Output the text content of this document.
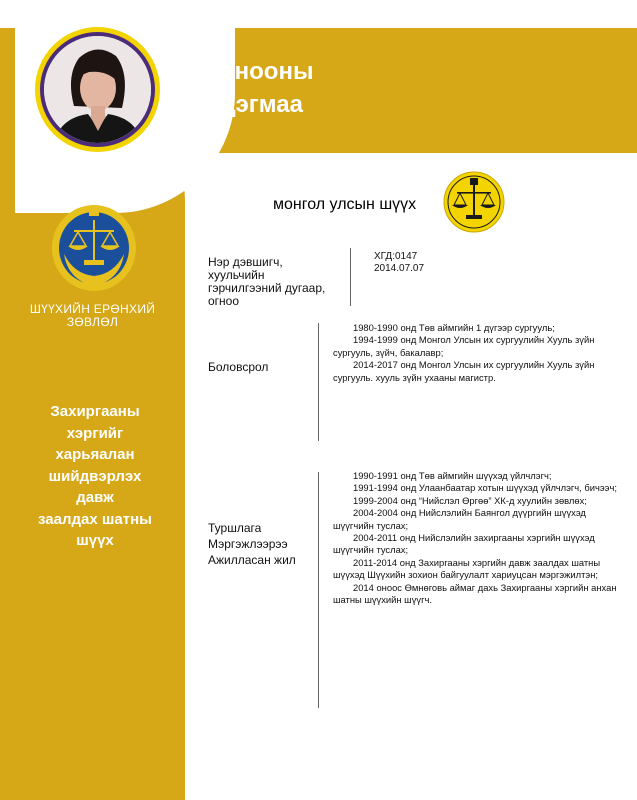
Могнооны
Цэцэгмаа
ШҮҮХИЙН ЕРӨНХИЙ
ЗӨВЛӨЛ
Захиргааны
хэргийг харьяалан
шийдвэрлэх давж
заалдах шатны
шүүх
монгол улсын шүүх
Нэр дэвшигч,
хуульчийн
гэрчилгээний дугаар,
огноо
ХГД:0147
2014.07.07
Боловсрол
1980-1990 онд Төв аймгийн 1 дүгээр сургууль;
1994-1999 онд Монгол Улсын их сургуулийн Хууль зүйн сургууль, зүйч, бакалавр;
2014-2017 онд Монгол Улсын их сургуулийн Хууль зүйн сургууль. хууль зүйн ухааны магистр.
Туршлага
Мэргэжлээрээ
Ажилласан жил
1990-1991 онд Төв аймгийн шүүхэд үйлчлэгч;
1991-1994 онд Улаанбаатар хотын шүүхэд үйлчлэгч, бичээч;
1999-2004 онд “Нийслэл Өргөө” ХК-д хуулийн зөвлөх;
2004-2004 онд Нийслэлийн Баянгол дүүргийн шүүхэд шүүгчийн туслах;
2004-2011 онд Нийслэлийн захиргааны хэргийн шүүхэд шүүгчийн туслах;
2011-2014 онд Захиргааны хэргийн давж заалдах шатны шүүхэд Шүүхийн зохион байгуулалт хариуцсан мэргэжилтэн;
2014 оноос Өмнөговь аймаг дахь Захиргааны хэргийн анхан шатны шүүхийн шүүгч.
